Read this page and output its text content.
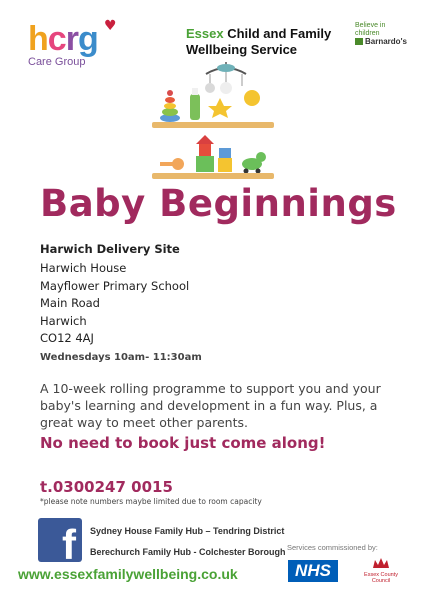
hcrg
Care Group
♥	Essex Child and Family
Wellbeing Service
Believe in
children
Barnardo's
Baby Beginnings
Harwich Delivery Site
Harwich House
Mayflower Primary School
Main Road
Harwich
CO12 4AJ
Wednesdays 10am- 11:30am
A 10-week rolling programme to support you and your baby's learning and development in a fun way. Plus, a great way to meet other parents.
No need to book just come along!
t.0300247 0015
*please note numbers maybe limited due to room capacity
f Sydney House Family Hub – Tendring District
Berechurch Family Hub - Colchester Borough Services commissioned by:
NHS	Essex County Council
www.essexfamilywellbeing.co.uk
